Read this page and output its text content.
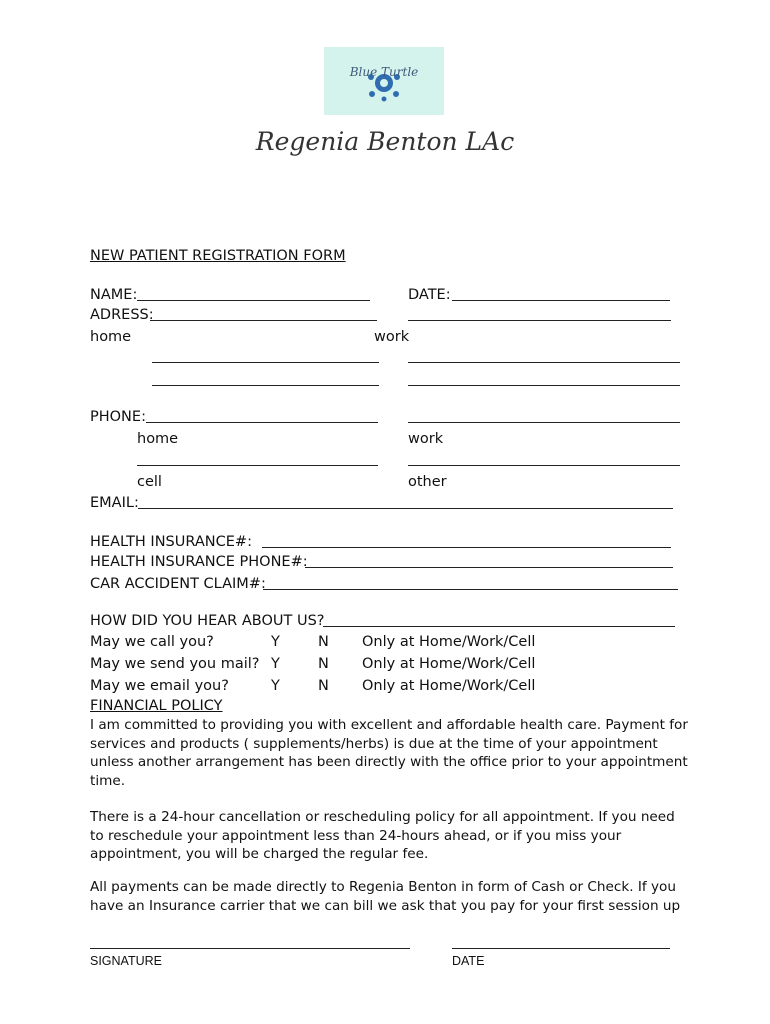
Blue Turtle
Regenia Benton LAc
NEW PATIENT REGISTRATION FORM
NAME:	DATE:
ADRESS:
home	work
PHONE:
home	work
cell	other
EMAIL:
HEALTH INSURANCE#:
HEALTH INSURANCE PHONE#:
CAR ACCIDENT CLAIM#:
HOW DID YOU HEAR ABOUT US?
May we call you?	Y	N Only at Home/Work/Cell
May we send you mail? Y	N Only at Home/Work/Cell
May we email you?	Y	N Only at Home/Work/Cell
FINANCIAL POLICY
I am committed to providing you with excellent and affordable health care. Payment for services and products ( supplements/herbs) is due at the time of your appointment unless another arrangement has been directly with the office prior to your appointment time.
There is a 24-hour cancellation or rescheduling policy for all appointment. If you need to reschedule your appointment less than 24-hours ahead, or if you miss your appointment, you will be charged the regular fee.
All payments can be made directly to Regenia Benton in form of Cash or Check. If you have an Insurance carrier that we can bill we ask that you pay for your first session up
SIGNATURE	DATE
